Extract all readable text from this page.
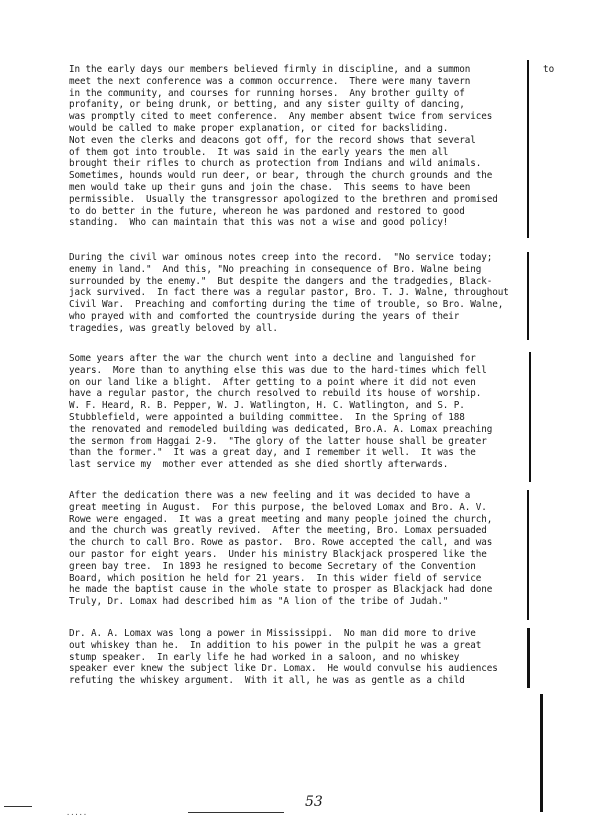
In the early days our members believed firmly in discipline, and a summon
meet the next conference was a common occurrence.  There were many tavern
in the community, and courses for running horses.  Any brother guilty of
profanity, or being drunk, or betting, and any sister guilty of dancing,
was promptly cited to meet conference.  Any member absent twice from services
would be called to make proper explanation, or cited for backsliding.
Not even the clerks and deacons got off, for the record shows that several
of them got into trouble.  It was said in the early years the men all
brought their rifles to church as protection from Indians and wild animals.
Sometimes, hounds would run deer, or bear, through the church grounds and the
men would take up their guns and join the chase.  This seems to have been
permissible.  Usually the transgressor apologized to the brethren and promised
to do better in the future, whereon he was pardoned and restored to good
standing.  Who can maintain that this was not a wise and good policy!
to
During the civil war ominous notes creep into the record.  "No service today;
enemy in land."  And this, "No preaching in consequence of Bro. Walne being
surrounded by the enemy."  But despite the dangers and the tradgedies, Black-
jack survived.  In fact there was a regular pastor, Bro. T. J. Walne, throughout
Civil War.  Preaching and comforting during the time of trouble, so Bro. Walne,
who prayed with and comforted the countryside during the years of their
tragedies, was greatly beloved by all.
Some years after the war the church went into a decline and languished for
years.  More than to anything else this was due to the hard-times which fell
on our land like a blight.  After getting to a point where it did not even
have a regular pastor, the church resolved to rebuild its house of worship.
W. F. Heard, R. B. Pepper, W. J. Watlington, H. C. Watlington, and S. P.
Stubblefield, were appointed a building committee.  In the Spring of 188
the renovated and remodeled building was dedicated, Bro.A. A. Lomax preaching
the sermon from Haggai 2-9.  "The glory of the latter house shall be greater
than the former."  It was a great day, and I remember it well.  It was the
last service my  mother ever attended as she died shortly afterwards.
After the dedication there was a new feeling and it was decided to have a
great meeting in August.  For this purpose, the beloved Lomax and Bro. A. V.
Rowe were engaged.  It was a great meeting and many people joined the church,
and the church was greatly revived.  After the meeting, Bro. Lomax persuaded
the church to call Bro. Rowe as pastor.  Bro. Rowe accepted the call, and was
our pastor for eight years.  Under his ministry Blackjack prospered like the
green bay tree.  In 1893 he resigned to become Secretary of the Convention
Board, which position he held for 21 years.  In this wider field of service
he made the baptist cause in the whole state to prosper as Blackjack had done
Truly, Dr. Lomax had described him as "A lion of the tribe of Judah."
Dr. A. A. Lomax was long a power in Mississippi.  No man did more to drive
out whiskey than he.  In addition to his power in the pulpit he was a great
stump speaker.  In early life he had worked in a saloon, and no whiskey
speaker ever knew the subject like Dr. Lomax.  He would convulse his audiences
refuting the whiskey argument.  With it all, he was as gentle as a child
·····
53
